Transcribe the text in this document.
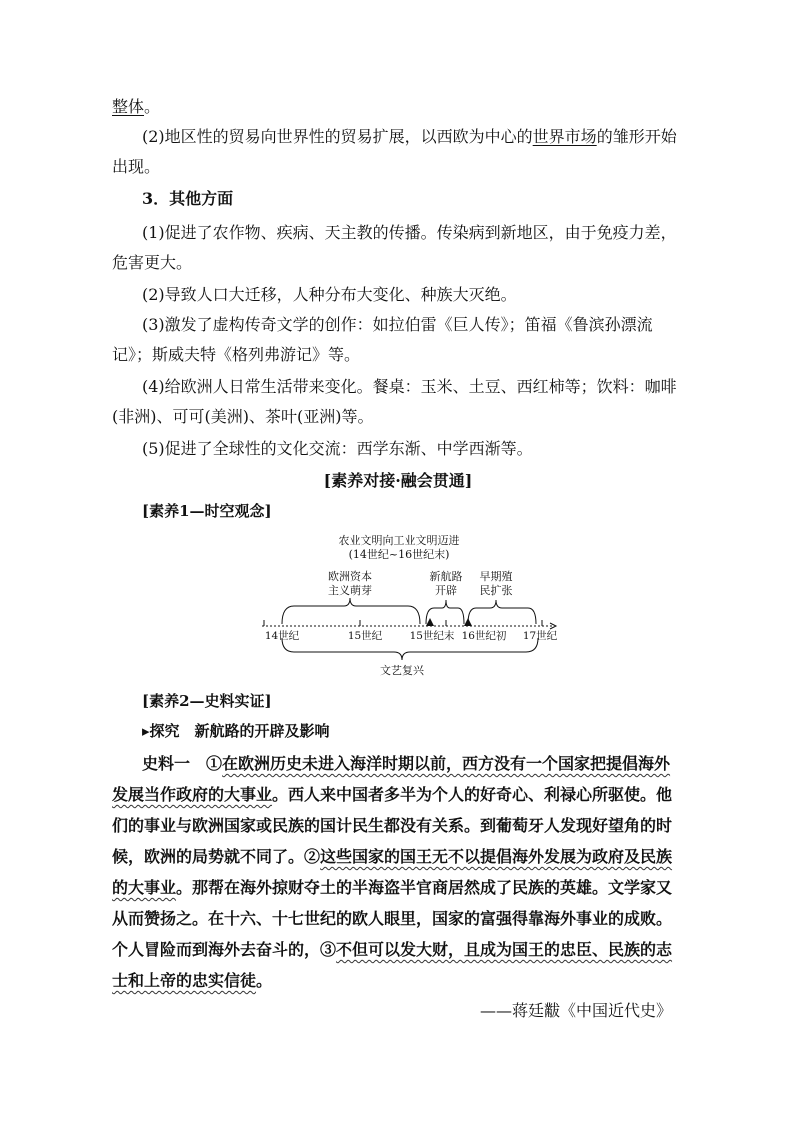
整体。
(2)地区性的贸易向世界性的贸易扩展，以西欧为中心的世界市场的雏形开始出现。
3．其他方面
(1)促进了农作物、疾病、天主教的传播。传染病到新地区，由于免疫力差，危害更大。
(2)导致人口大迁移，人种分布大变化、种族大灭绝。
(3)激发了虚构传奇文学的创作：如拉伯雷《巨人传》；笛福《鲁滨孙漂流记》；斯威夫特《格列弗游记》等。
(4)给欧洲人日常生活带来变化。餐桌：玉米、土豆、西红柿等；饮料：咖啡(非洲)、可可(美洲)、茶叶(亚洲)等。
(5)促进了全球性的文化交流：西学东渐、中学西渐等。
[素养对接·融会贯通]
[素养1—时空观念]
农业文明向工业文明迈进
(14世纪~16世纪末)
欧洲资本
主义萌芽
新航路
开辟
早期殖
民扩张
14世纪	15世纪	15世纪末 16世纪初 17世纪
文艺复兴
[素养2—史料实证]
▸探究　 新航路的开辟及影响
史料一　 ①在欧洲历史未进入海洋时期以前，西方没有一个国家把提倡海外发展当作政府的大事业。西人来中国者多半为个人的好奇心、利禄心所驱使。他们的事业与欧洲国家或民族的国计民生都没有关系。到葡萄牙人发现好望角的时候，欧洲的局势就不同了。②这些国家的国王无不以提倡海外发展为政府及民族的大事业。那帮在海外掠财夺土的半海盗半官商居然成了民族的英雄。文学家又从而赞扬之。在十六、十七世纪的欧人眼里，国家的富强得靠海外事业的成败。个人冒险而到海外去奋斗的，③不但可以发大财，且成为国王的忠臣、民族的志士和上帝的忠实信徒。
——蒋廷黻《中国近代史》
